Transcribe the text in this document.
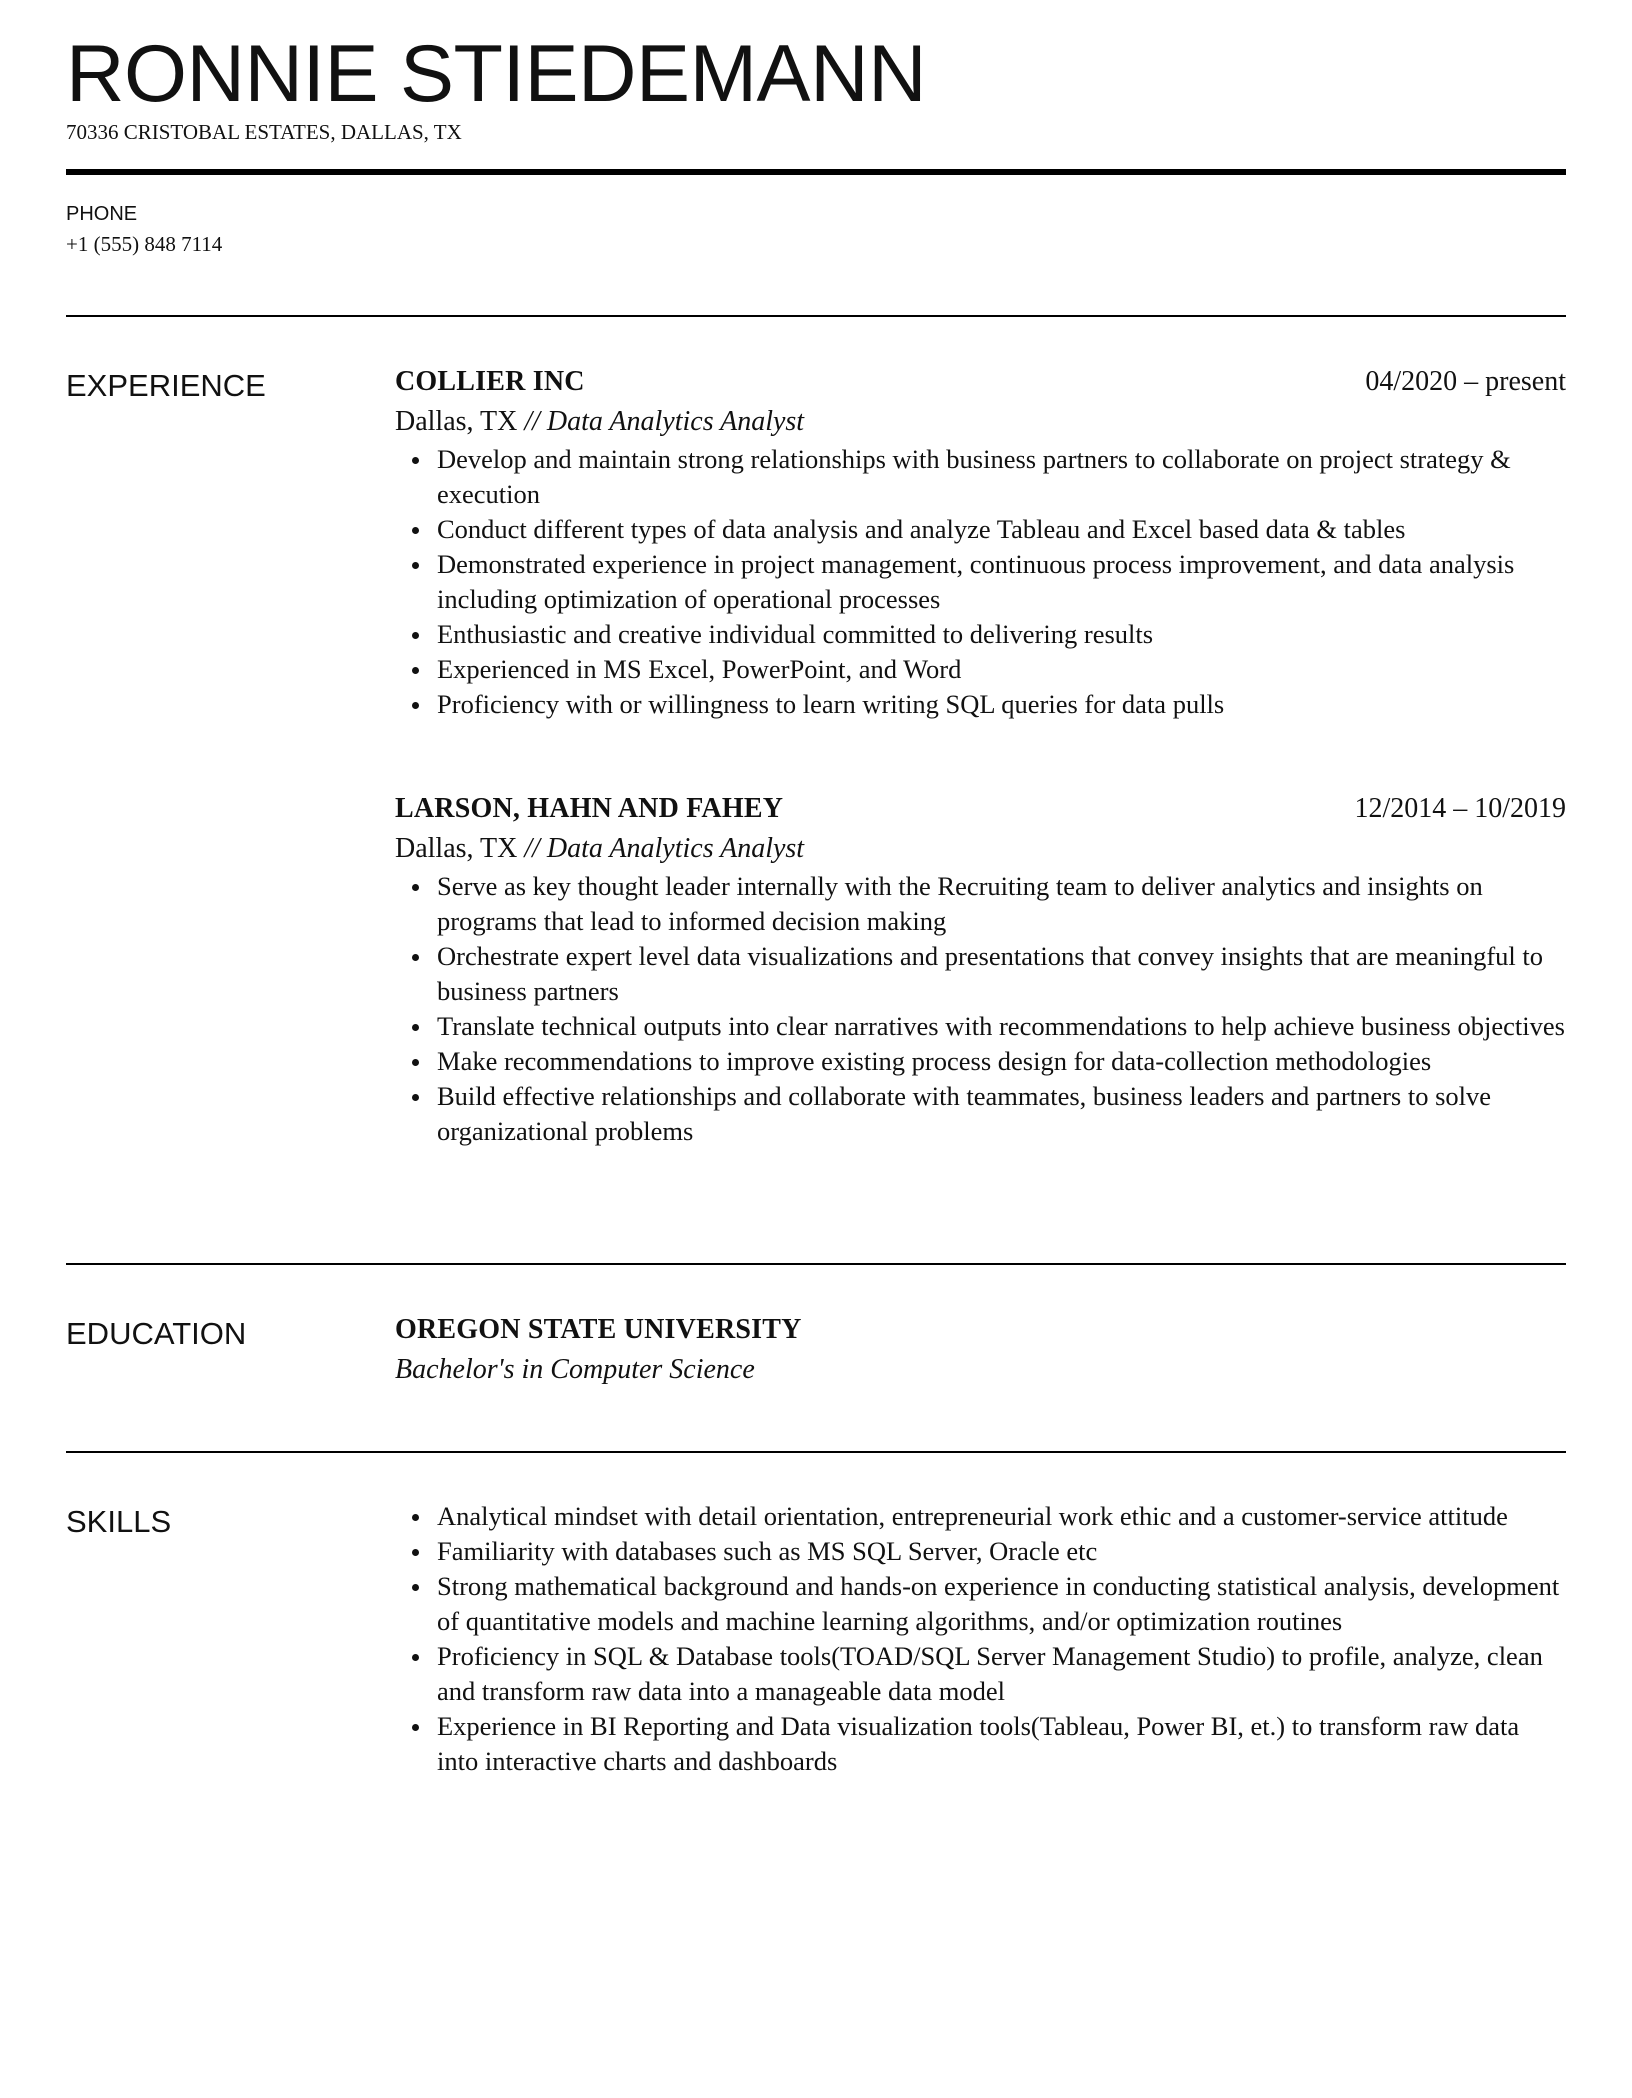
RONNIE STIEDEMANN
70336 CRISTOBAL ESTATES, DALLAS, TX
PHONE
+1 (555) 848 7114
EXPERIENCE	COLLIER INC	04/2020 – present
Dallas, TX // Data Analytics Analyst
Develop and maintain strong relationships with business partners to collaborate on project strategy & execution
Conduct different types of data analysis and analyze Tableau and Excel based data & tables
Demonstrated experience in project management, continuous process improvement, and data analysis including optimization of operational processes
Enthusiastic and creative individual committed to delivering results
Experienced in MS Excel, PowerPoint, and Word
Proficiency with or willingness to learn writing SQL queries for data pulls
LARSON, HAHN AND FAHEY	12/2014 – 10/2019
Dallas, TX // Data Analytics Analyst
Serve as key thought leader internally with the Recruiting team to deliver analytics and insights on programs that lead to informed decision making
Orchestrate expert level data visualizations and presentations that convey insights that are meaningful to business partners
Translate technical outputs into clear narratives with recommendations to help achieve business objectives
Make recommendations to improve existing process design for data-collection methodologies
Build effective relationships and collaborate with teammates, business leaders and partners to solve organizational problems
EDUCATION	OREGON STATE UNIVERSITY
Bachelor's in Computer Science
SKILLS	Analytical mindset with detail orientation, entrepreneurial work ethic and a customer-service attitude
Familiarity with databases such as MS SQL Server, Oracle etc
Strong mathematical background and hands-on experience in conducting statistical analysis, development of quantitative models and machine learning algorithms, and/or optimization routines
Proficiency in SQL & Database tools(TOAD/SQL Server Management Studio) to profile, analyze, clean and transform raw data into a manageable data model
Experience in BI Reporting and Data visualization tools(Tableau, Power BI, et.) to transform raw data into interactive charts and dashboards
